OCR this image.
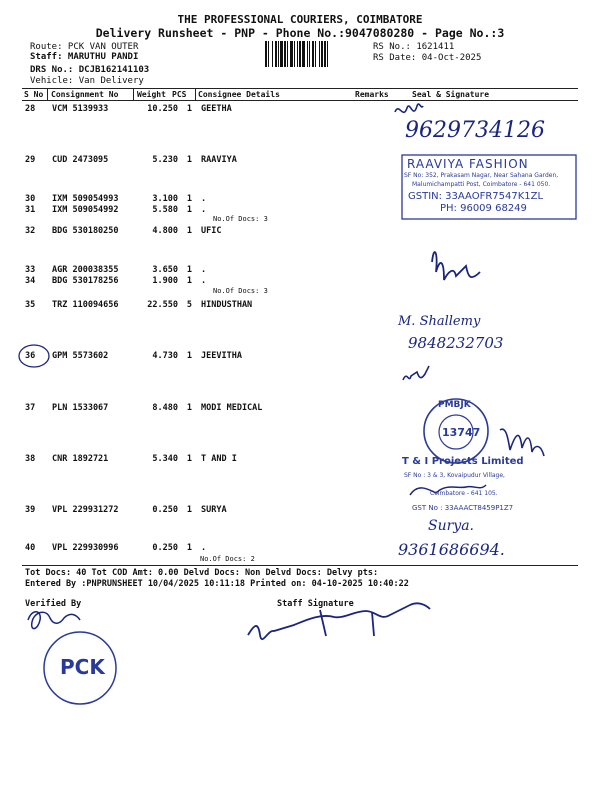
THE PROFESSIONAL COURIERS, COIMBATORE
Delivery Runsheet - PNP - Phone No.:9047080280 - Page No.:3
Route: PCK VAN OUTER
Staff: MARUTHU PANDI
DRS No.: DCJB162141103
Vehicle: Van Delivery
RS No.: 1621411
RS Date: 04-Oct-2025
S No Consignment No Weight PCS Consignee Details	Remarks	Seal & Signature
28 VCM 5139933	10.250	1 GEETHA
29 CUD 2473095	5.230	1 RAAVIYA
30 IXM 509054993	3.100	1 .
31 IXM 509054992	5.580	1 .
No.Of Docs: 3
32 BDG 530180250	4.800	1 UFIC
33 AGR 200038355	3.650	1 .
34 BDG 530178256	1.900	1 .
No.Of Docs: 3
35 TRZ 110094656	22.550	5 HINDUSTHAN
36 GPM 5573602	4.730	1 JEEVITHA
37 PLN 1533067	8.480	1 MODI MEDICAL
38 CNR 1892721	5.340	1 T AND I
39 VPL 229931272	0.250	1 SURYA
40 VPL 229930996	0.250	1 .
No.Of Docs: 2
Tot Docs: 40 Tot COD Amt: 0.00 Delvd Docs: Non Delvd Docs: Delvy pts:
Entered By :PNPRUNSHEET 10/04/2025 10:11:18 Printed on: 04-10-2025 10:40:22
Verified By	Staff Signature
RAAVIYA FASHION
SF No: 352, Prakasam Nagar, Near Sahana Garden,
Malumichampatti Post, Coimbatore - 641 050.
GSTIN: 33AAOFR7547K1ZL
PH: 96009 68249
PMBJK
13747
T & I Projects Limited
SF No : 3 & 3, Kovaipudur Village,
Coimbatore - 641 105.
GST No : 33AAACT8459P1Z7
PCK
9629734126
M. Shallemy
9848232703
Surya.
9361686694.
